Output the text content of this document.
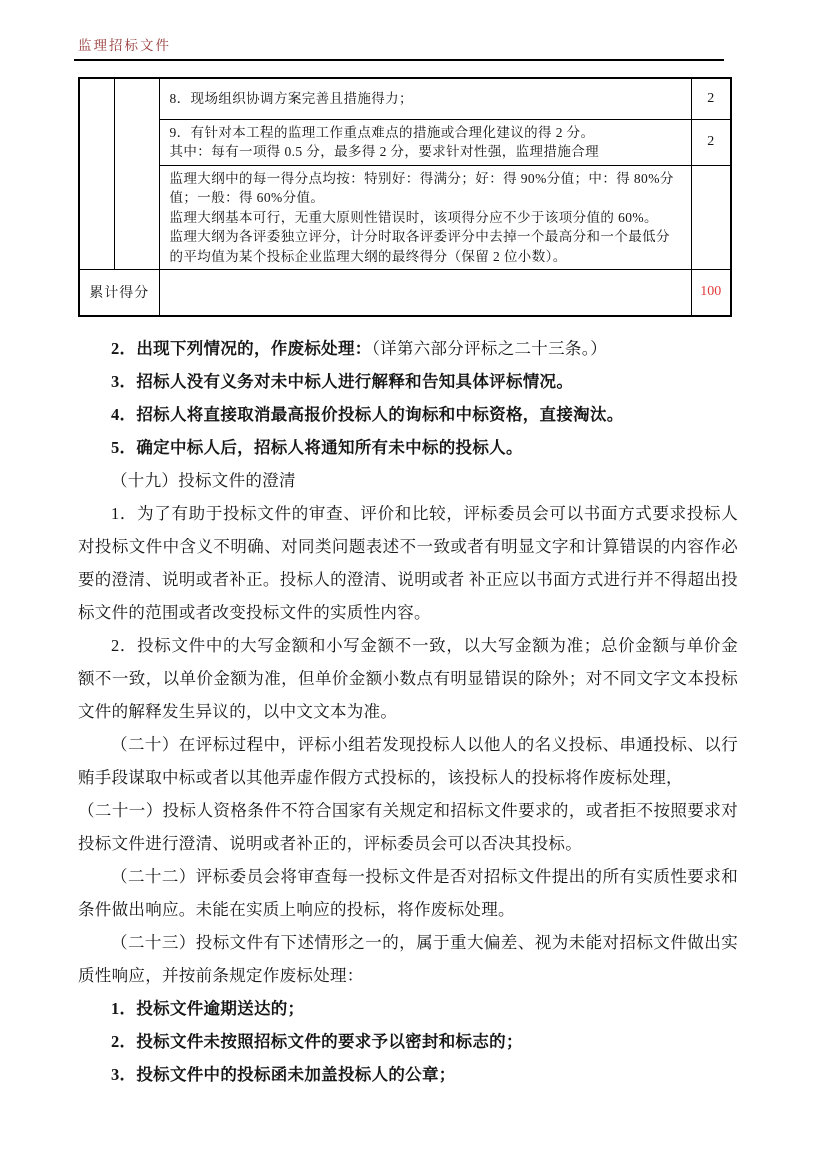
监理招标文件

		8．现场组织协调方案完善且措施得力；	2

		9．有针对本工程的监理工作重点难点的措施或合理化建议的得 2 分。
其中：每有一项得 0.5 分，最多得 2 分，要求针对性强，监理措施合理	2

		监理大纲中的每一得分点均按：特别好：得满分；好：得 90%分值；中：得 80%分值；一般：得 60%分值。
监理大纲基本可行，无重大原则性错误时，该项得分应不少于该项分值的 60%。
监理大纲为各评委独立评分，计分时取各评委评分中去掉一个最高分和一个最低分的平均值为某个投标企业监理大纲的最终得分（保留 2 位小数）。	

累计得分			100
2．出现下列情况的，作废标处理：（详第六部分评标之二十三条。）
3．招标人没有义务对未中标人进行解释和告知具体评标情况。
4．招标人将直接取消最高报价投标人的询标和中标资格，直接淘汰。
5．确定中标人后，招标人将通知所有未中标的投标人。
（十九）投标文件的澄清
1．为了有助于投标文件的审查、评价和比较，评标委员会可以书面方式要求投标人对投标文件中含义不明确、对同类问题表述不一致或者有明显文字和计算错误的内容作必要的澄清、说明或者补正。投标人的澄清、说明或者 补正应以书面方式进行并不得超出投标文件的范围或者改变投标文件的实质性内容。
2．投标文件中的大写金额和小写金额不一致，以大写金额为准；总价金额与单价金额不一致，以单价金额为准，但单价金额小数点有明显错误的除外；对不同文字文本投标文件的解释发生异议的，以中文文本为准。
（二十）在评标过程中，评标小组若发现投标人以他人的名义投标、串通投标、以行贿手段谋取中标或者以其他弄虚作假方式投标的，该投标人的投标将作废标处理，
（二十一）投标人资格条件不符合国家有关规定和招标文件要求的，或者拒不按照要求对投标文件进行澄清、说明或者补正的，评标委员会可以否决其投标。
（二十二）评标委员会将审查每一投标文件是否对招标文件提出的所有实质性要求和条件做出响应。未能在实质上响应的投标，将作废标处理。
（二十三）投标文件有下述情形之一的，属于重大偏差、视为未能对招标文件做出实质性响应，并按前条规定作废标处理：
1．投标文件逾期送达的；
2．投标文件未按照招标文件的要求予以密封和标志的；
3．投标文件中的投标函未加盖投标人的公章；
